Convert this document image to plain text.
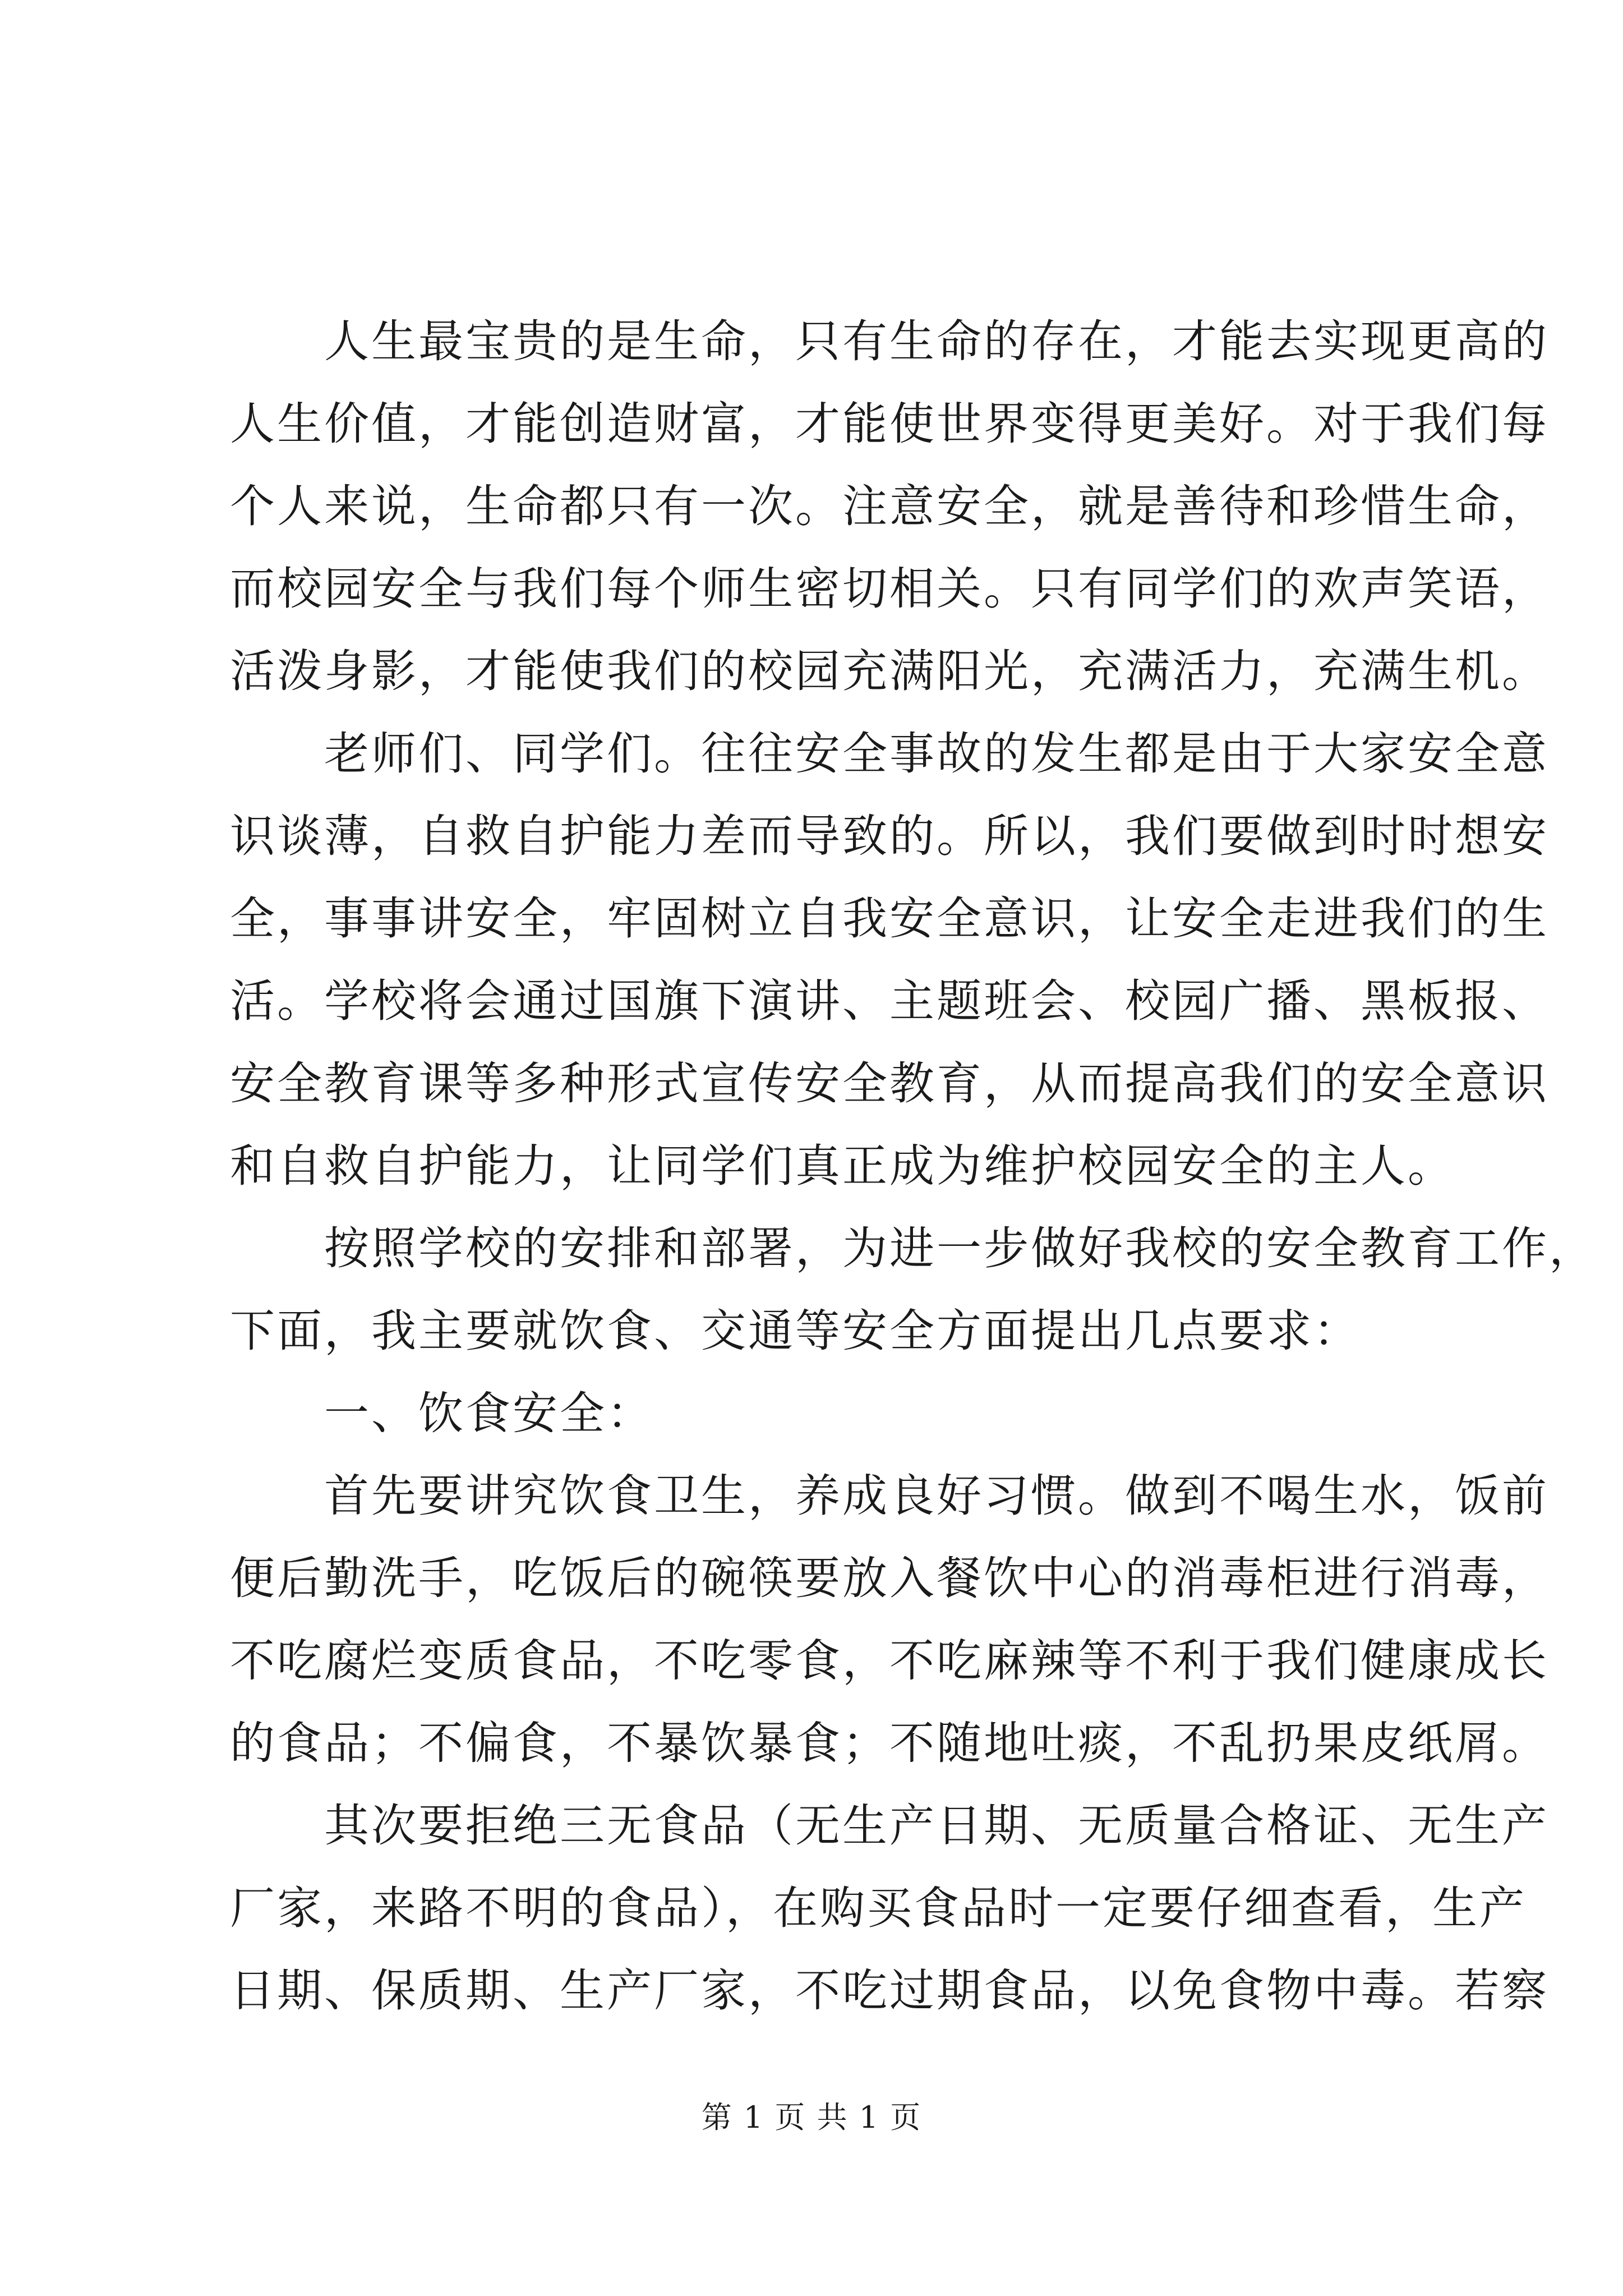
　　人生最宝贵的是生命，只有生命的存在，才能去实现更高的
人生价值，才能创造财富，才能使世界变得更美好。对于我们每
个人来说，生命都只有一次。注意安全，就是善待和珍惜生命，
而校园安全与我们每个师生密切相关。只有同学们的欢声笑语，
活泼身影，才能使我们的校园充满阳光，充满活力，充满生机。
　　老师们、同学们。往往安全事故的发生都是由于大家安全意
识谈薄，自救自护能力差而导致的。所以，我们要做到时时想安
全，事事讲安全，牢固树立自我安全意识，让安全走进我们的生
活。学校将会通过国旗下演讲、主题班会、校园广播、黑板报、
安全教育课等多种形式宣传安全教育，从而提高我们的安全意识
和自救自护能力，让同学们真正成为维护校园安全的主人。
　　按照学校的安排和部署，为进一步做好我校的安全教育工作，
下面，我主要就饮食、交通等安全方面提出几点要求：
　　一、饮食安全：
　　首先要讲究饮食卫生，养成良好习惯。做到不喝生水，饭前
便后勤洗手，吃饭后的碗筷要放入餐饮中心的消毒柜进行消毒，
不吃腐烂变质食品，不吃零食，不吃麻辣等不利于我们健康成长
的食品；不偏食，不暴饮暴食；不随地吐痰，不乱扔果皮纸屑。
　　其次要拒绝三无食品（无生产日期、无质量合格证、无生产
厂家，来路不明的食品），在购买食品时一定要仔细查看，生产
日期、保质期、生产厂家，不吃过期食品，以免食物中毒。若察
第 1 页 共 1 页
